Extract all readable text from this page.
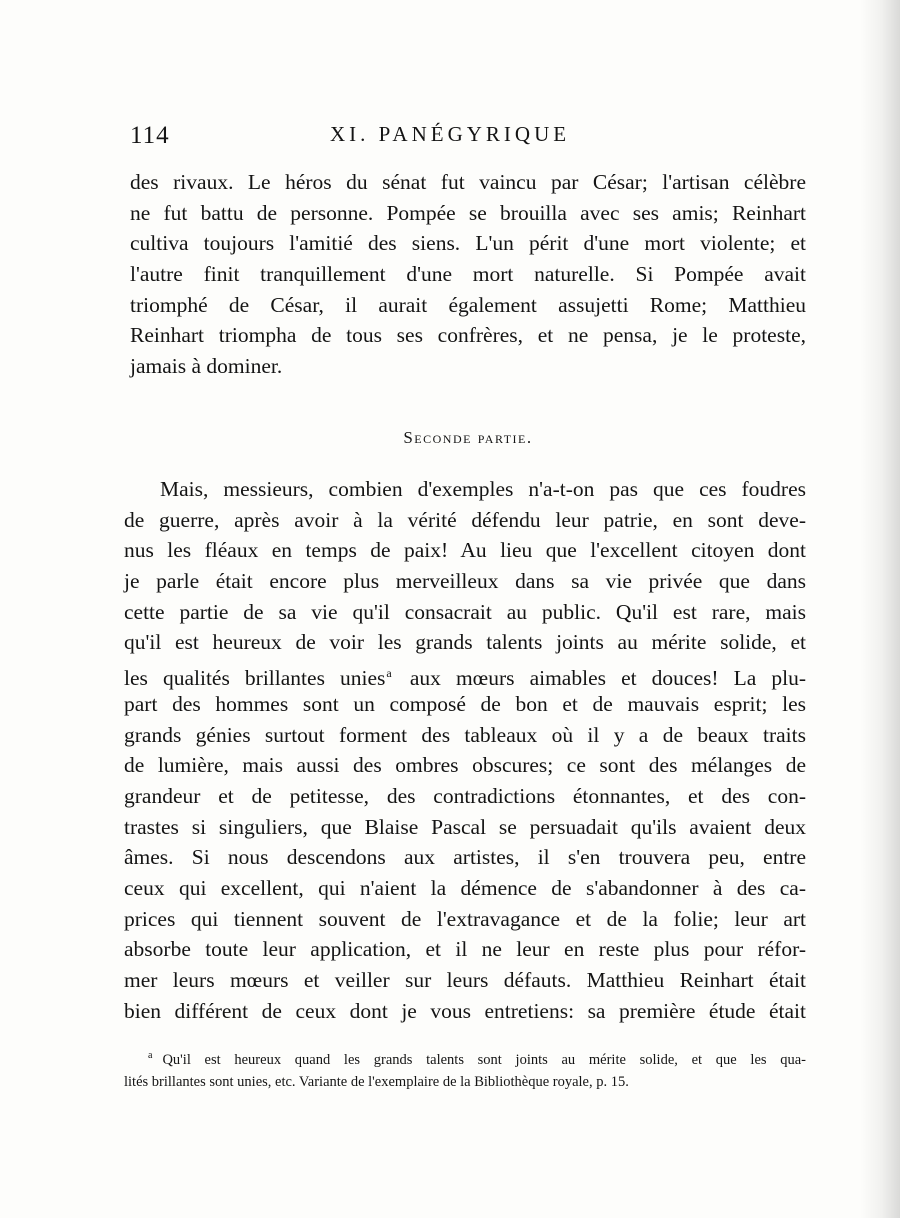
114	XI. PANÉGYRIQUE
des rivaux. Le héros du sénat fut vaincu par César; l'artisan célèbre
ne fut battu de personne. Pompée se brouilla avec ses amis; Reinhart
cultiva toujours l'amitié des siens. L'un périt d'une mort violente; et
l'autre finit tranquillement d'une mort naturelle. Si Pompée avait
triomphé de César, il aurait également assujetti Rome; Matthieu
Reinhart triompha de tous ses confrères, et ne pensa, je le proteste,
jamais à dominer.
Seconde partie.
Mais, messieurs, combien d'exemples n'a-t-on pas que ces foudres
de guerre, après avoir à la vérité défendu leur patrie, en sont deve-
nus les fléaux en temps de paix! Au lieu que l'excellent citoyen dont
je parle était encore plus merveilleux dans sa vie privée que dans
cette partie de sa vie qu'il consacrait au public. Qu'il est rare, mais
qu'il est heureux de voir les grands talents joints au mérite solide, et
les qualités brillantes unies$^a$ aux mœurs aimables et douces! La plu-
part des hommes sont un composé de bon et de mauvais esprit; les
grands génies surtout forment des tableaux où il y a de beaux traits
de lumière, mais aussi des ombres obscures; ce sont des mélanges de
grandeur et de petitesse, des contradictions étonnantes, et des con-
trastes si singuliers, que Blaise Pascal se persuadait qu'ils avaient deux
âmes. Si nous descendons aux artistes, il s'en trouvera peu, entre
ceux qui excellent, qui n'aient la démence de s'abandonner à des ca-
prices qui tiennent souvent de l'extravagance et de la folie; leur art
absorbe toute leur application, et il ne leur en reste plus pour réfor-
mer leurs mœurs et veiller sur leurs défauts. Matthieu Reinhart était
bien différent de ceux dont je vous entretiens: sa première étude était
$^a$ Qu'il est heureux quand les grands talents sont joints au mérite solide, et que les qua-
lités brillantes sont unies, etc. Variante de l'exemplaire de la Bibliothèque royale, p. 15.
